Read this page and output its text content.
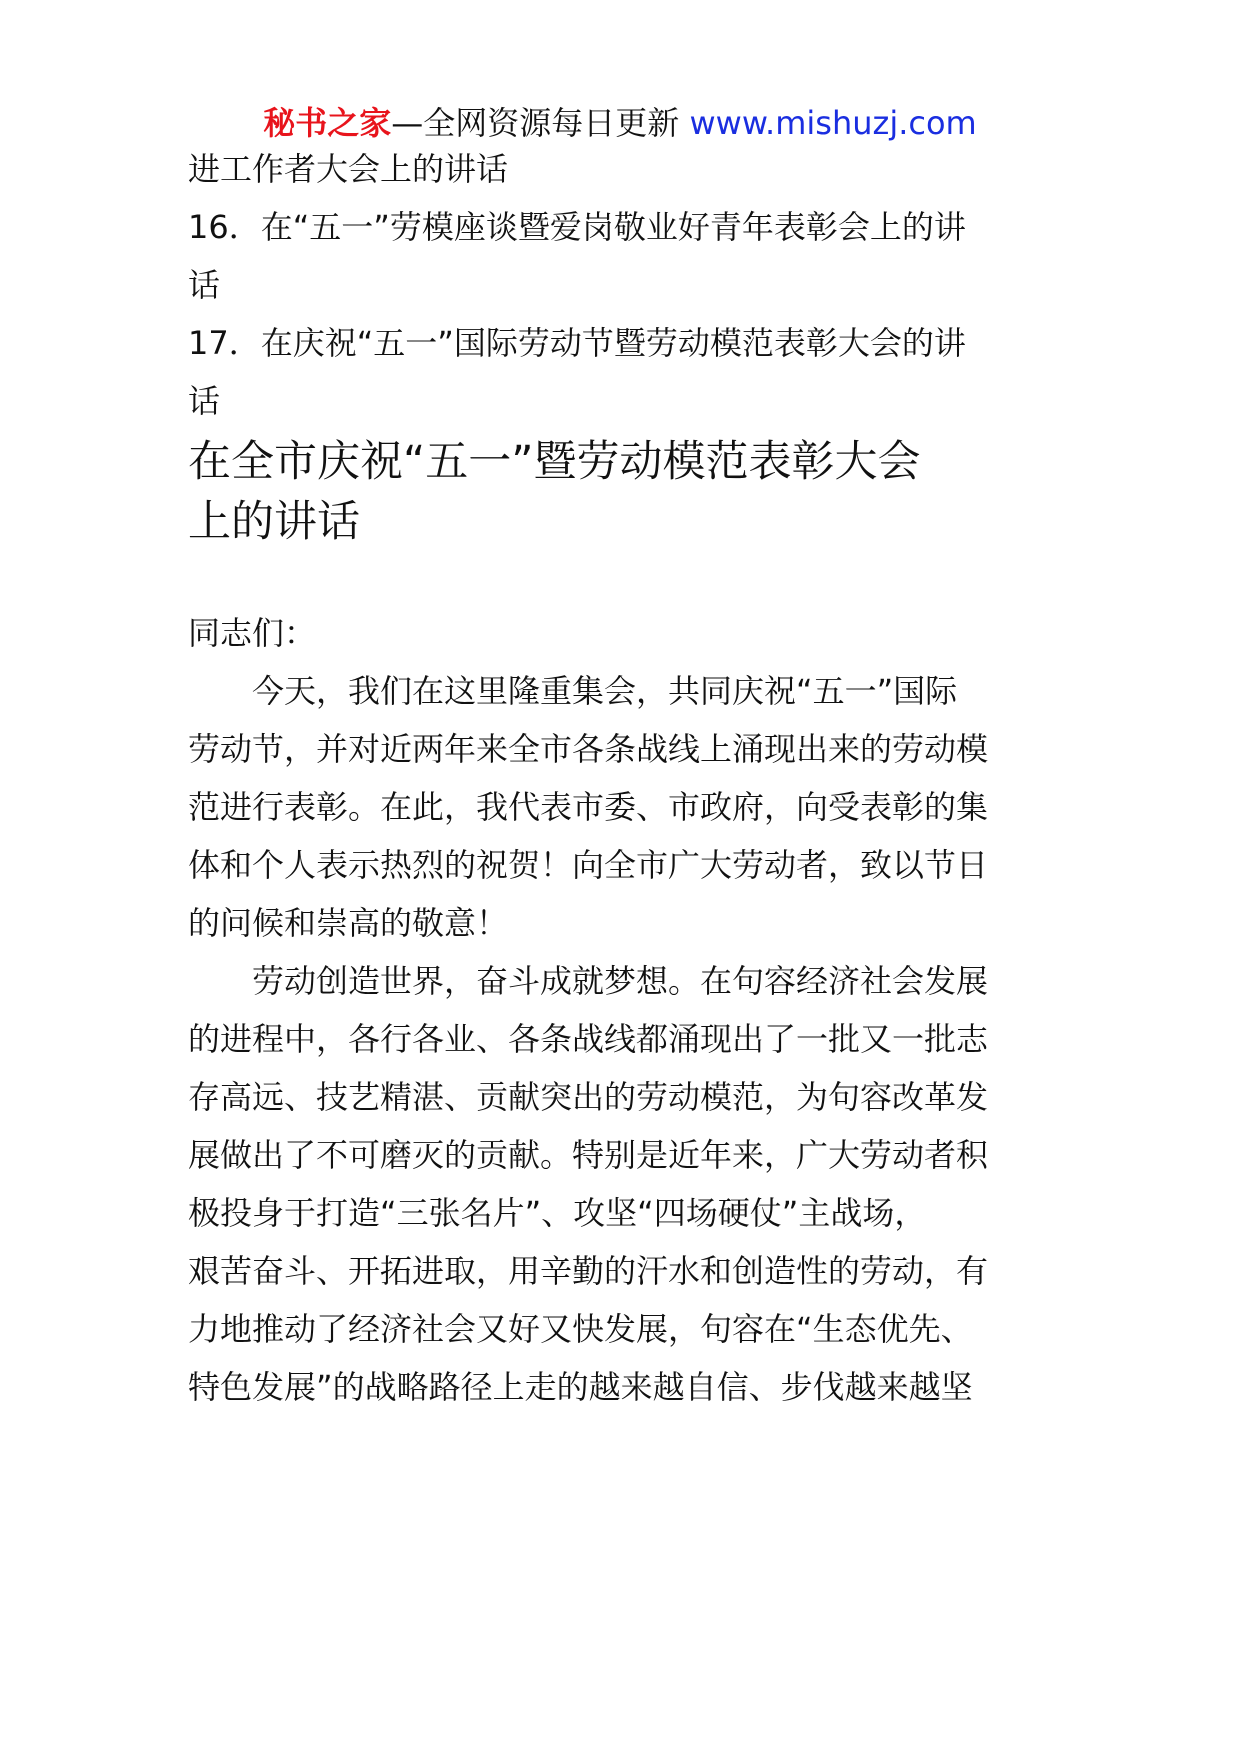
秘书之家—全网资源每日更新 www.mishuzj.com
进工作者大会上的讲话
16．在“五一”劳模座谈暨爱岗敬业好青年表彰会上的讲
话
17．在庆祝“五一”国际劳动节暨劳动模范表彰大会的讲
话
在全市庆祝“五一”暨劳动模范表彰大会
上的讲话
同志们：
　　今天，我们在这里隆重集会，共同庆祝“五一”国际
劳动节，并对近两年来全市各条战线上涌现出来的劳动模
范进行表彰。在此，我代表市委、市政府，向受表彰的集
体和个人表示热烈的祝贺！向全市广大劳动者，致以节日
的问候和崇高的敬意！
　　劳动创造世界，奋斗成就梦想。在句容经济社会发展
的进程中，各行各业、各条战线都涌现出了一批又一批志
存高远、技艺精湛、贡献突出的劳动模范，为句容改革发
展做出了不可磨灭的贡献。特别是近年来，广大劳动者积
极投身于打造“三张名片”、攻坚“四场硬仗”主战场，
艰苦奋斗、开拓进取，用辛勤的汗水和创造性的劳动，有
力地推动了经济社会又好又快发展，句容在“生态优先、
特色发展”的战略路径上走的越来越自信、步伐越来越坚
